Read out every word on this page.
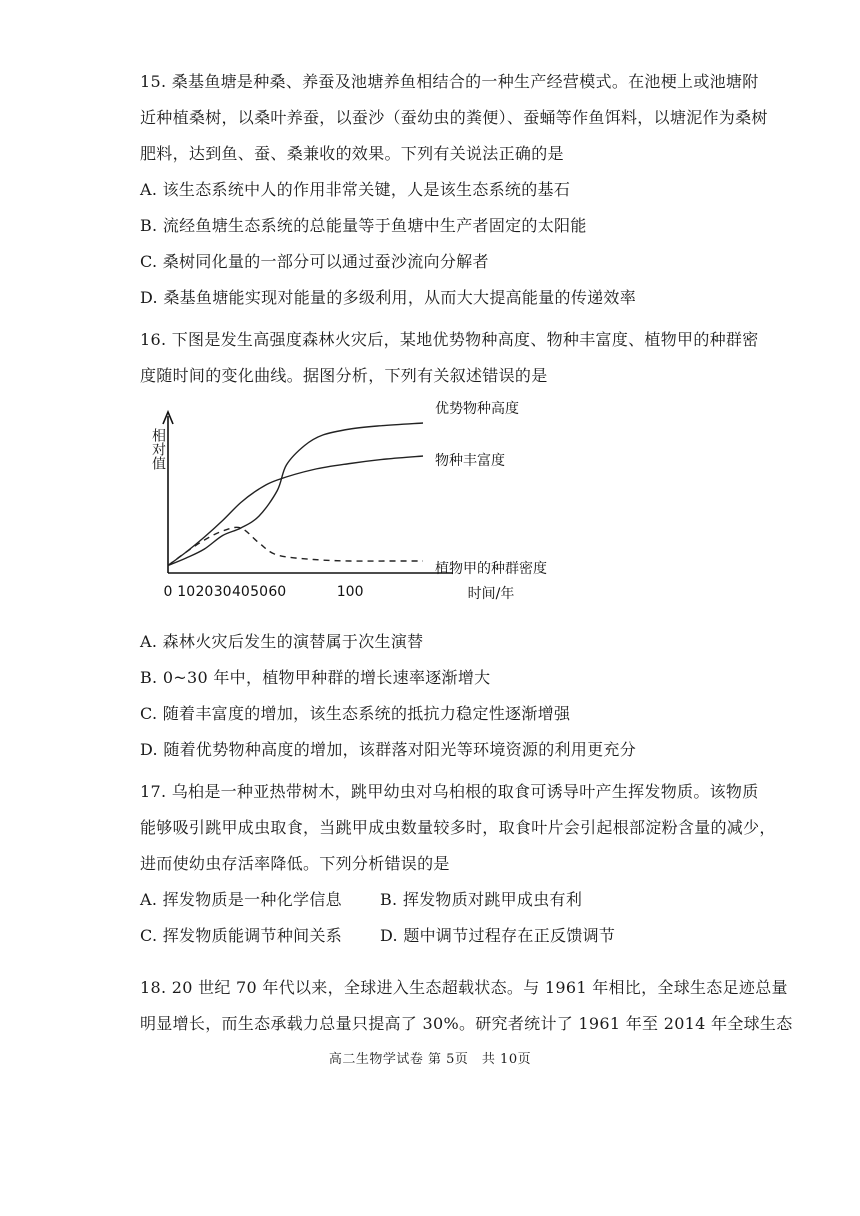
15. 桑基鱼塘是种桑、养蚕及池塘养鱼相结合的一种生产经营模式。在池梗上或池塘附
近种植桑树，以桑叶养蚕，以蚕沙（蚕幼虫的粪便）、蚕蛹等作鱼饵料，以塘泥作为桑树
肥料，达到鱼、蚕、桑兼收的效果。下列有关说法正确的是
A. 该生态系统中人的作用非常关键，人是该生态系统的基石
B. 流经鱼塘生态系统的总能量等于鱼塘中生产者固定的太阳能
C. 桑树同化量的一部分可以通过蚕沙流向分解者
D. 桑基鱼塘能实现对能量的多级利用，从而大大提高能量的传递效率
16. 下图是发生高强度森林火灾后，某地优势物种高度、物种丰富度、植物甲的种群密
度随时间的变化曲线。据图分析，下列有关叙述错误的是
相对值
0 10 20 30 40 50 60	100	时间/年
优势物种高度
物种丰富度
植物甲的种群密度
A. 森林火灾后发生的演替属于次生演替
B. 0~30 年中，植物甲种群的增长速率逐渐增大
C. 随着丰富度的增加，该生态系统的抵抗力稳定性逐渐增强
D. 随着优势物种高度的增加，该群落对阳光等环境资源的利用更充分
17. 乌桕是一种亚热带树木，跳甲幼虫对乌桕根的取食可诱导叶产生挥发物质。该物质
能够吸引跳甲成虫取食，当跳甲成虫数量较多时，取食叶片会引起根部淀粉含量的减少，
进而使幼虫存活率降低。下列分析错误的是
A. 挥发物质是一种化学信息 B. 挥发物质对跳甲成虫有利
C. 挥发物质能调节种间关系 D. 题中调节过程存在正反馈调节
18. 20 世纪 70 年代以来，全球进入生态超载状态。与 1961 年相比，全球生态足迹总量
明显增长，而生态承载力总量只提高了 30%。研究者统计了 1961 年至 2014 年全球生态
高二生物学试卷 第 5页　共 10页
